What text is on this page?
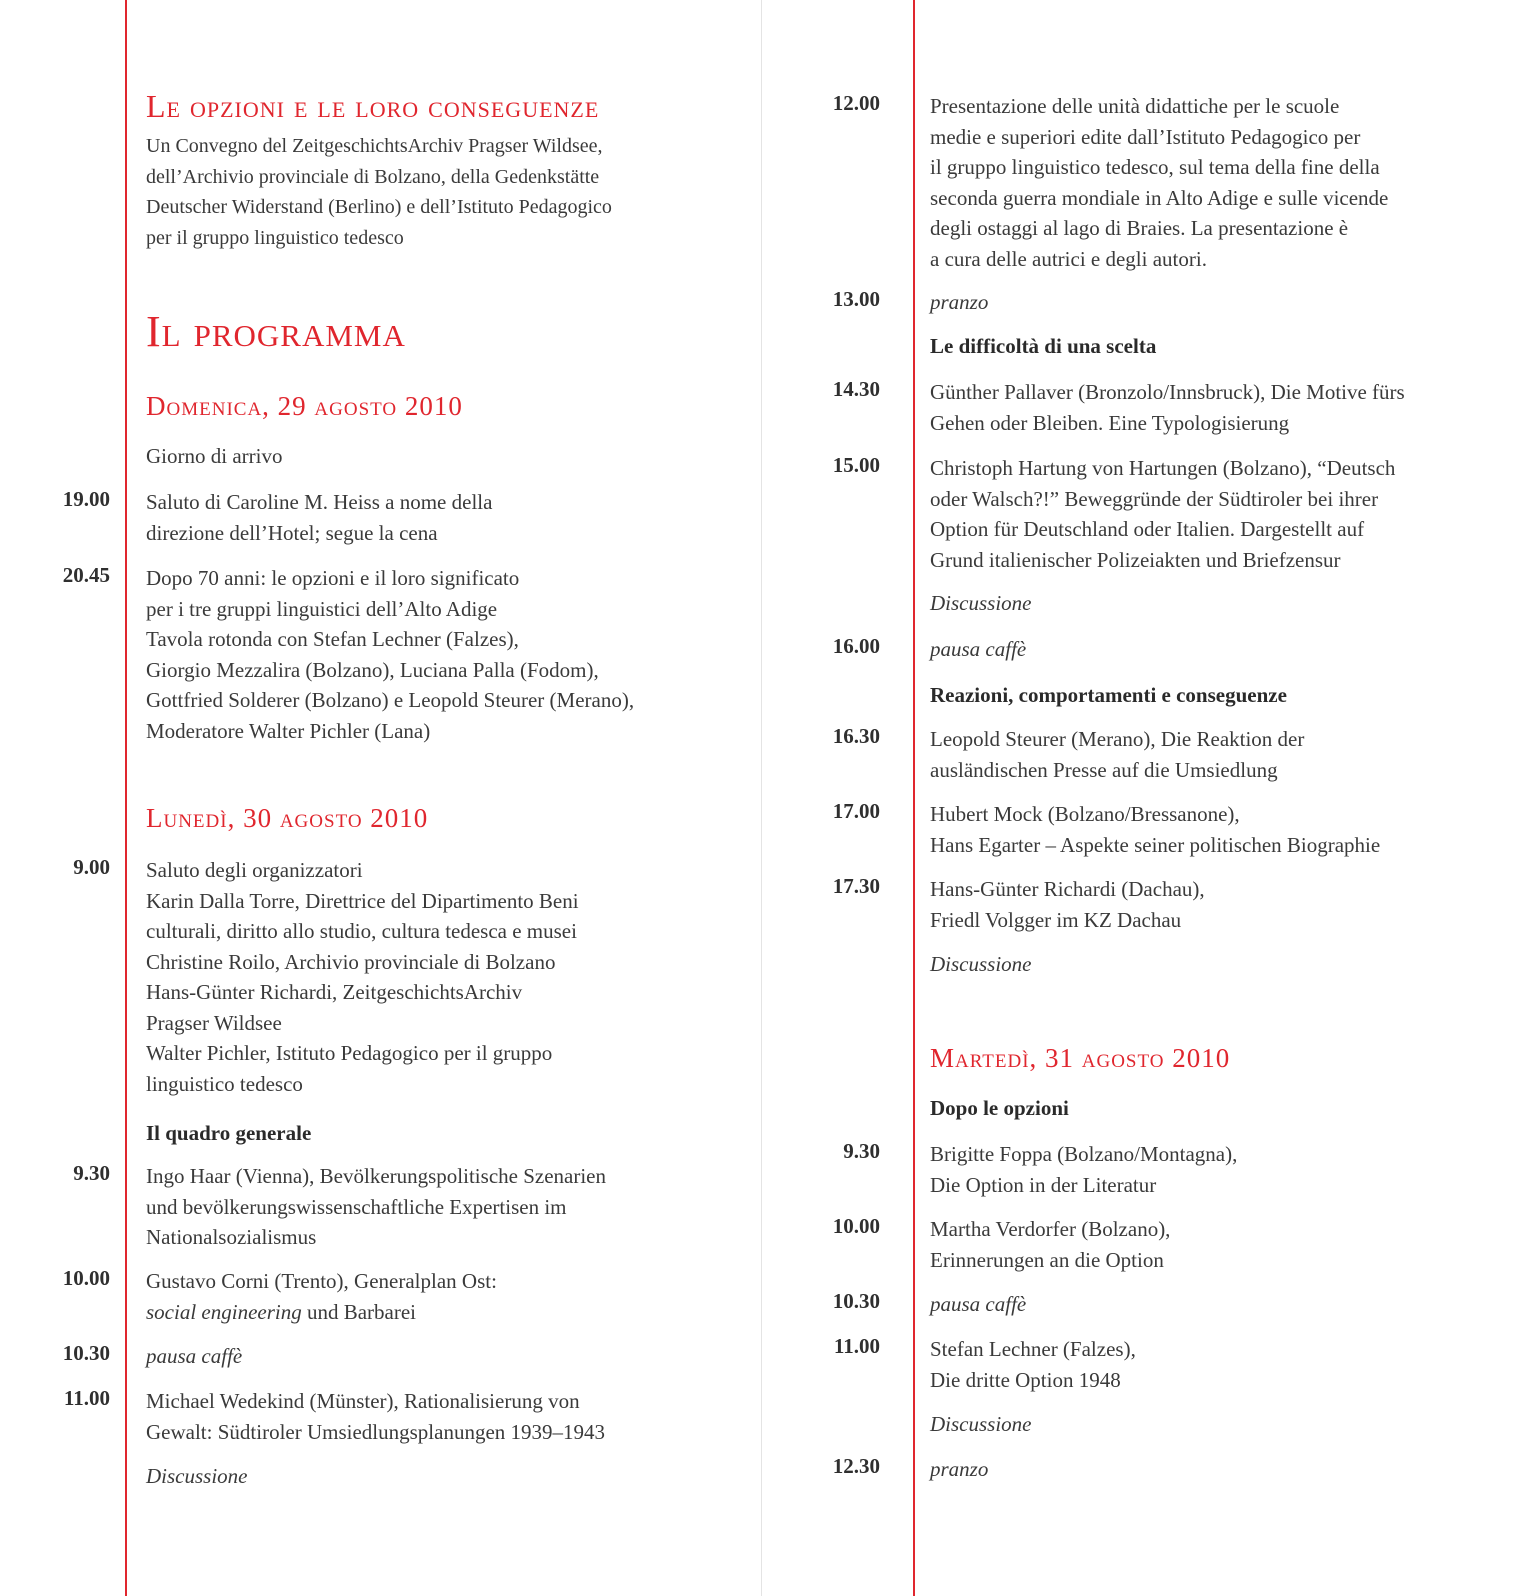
Le opzioni e le loro conseguenze
Un Convegno del ZeitgeschichtsArchiv Pragser Wildsee,
dell’Archivio provinciale di Bolzano, della Gedenkstätte
Deutscher Widerstand (Berlino) e dell’Istituto Pedagogico
per il gruppo linguistico tedesco
Il programma
Domenica, 29 agosto 2010
Giorno di arrivo
19.00 Saluto di Caroline M. Heiss a nome della
direzione dell’Hotel; segue la cena
20.45 Dopo 70 anni: le opzioni e il loro significato
per i tre gruppi linguistici dell’Alto Adige
Tavola rotonda con Stefan Lechner (Falzes),
Giorgio Mezzalira (Bolzano), Luciana Palla (Fodom),
Gottfried Solderer (Bolzano) e Leopold Steurer (Merano),
Moderatore Walter Pichler (Lana)
Lunedì, 30 agosto 2010
9.00 Saluto degli organizzatori
Karin Dalla Torre, Direttrice del Dipartimento Beni
culturali, diritto allo studio, cultura tedesca e musei
Christine Roilo, Archivio provinciale di Bolzano
Hans-Günter Richardi, ZeitgeschichtsArchiv
Pragser Wildsee
Walter Pichler, Istituto Pedagogico per il gruppo
linguistico tedesco
Il quadro generale
9.30 Ingo Haar (Vienna), Bevölkerungspolitische Szenarien
und bevölkerungswissenschaftliche Expertisen im
Nationalsozialismus
10.00 Gustavo Corni (Trento), Generalplan Ost:
social engineering und Barbarei
10.30 pausa caffè
11.00 Michael Wedekind (Münster), Rationalisierung von
Gewalt: Südtiroler Umsiedlungsplanungen 1939–1943
Discussione
12.00 Presentazione delle unità didattiche per le scuole
medie e superiori edite dall’Istituto Pedagogico per
il gruppo linguistico tedesco, sul tema della fine della
seconda guerra mondiale in Alto Adige e sulle vicende
degli ostaggi al lago di Braies. La presentazione è
a cura delle autrici e degli autori.
13.00 pranzo
Le difficoltà di una scelta
14.30 Günther Pallaver (Bronzolo/Innsbruck), Die Motive fürs
Gehen oder Bleiben. Eine Typologisierung
15.00 Christoph Hartung von Hartungen (Bolzano), “Deutsch
oder Walsch?!” Beweggründe der Südtiroler bei ihrer
Option für Deutschland oder Italien. Dargestellt auf
Grund italienischer Polizeiakten und Briefzensur
Discussione
16.00 pausa caffè
Reazioni, comportamenti e conseguenze
16.30 Leopold Steurer (Merano), Die Reaktion der
ausländischen Presse auf die Umsiedlung
17.00 Hubert Mock (Bolzano/Bressanone),
Hans Egarter – Aspekte seiner politischen Biographie
17.30 Hans-Günter Richardi (Dachau),
Friedl Volgger im KZ Dachau
Discussione
Martedì, 31 agosto 2010
Dopo le opzioni
9.30 Brigitte Foppa (Bolzano/Montagna),
Die Option in der Literatur
10.00 Martha Verdorfer (Bolzano),
Erinnerungen an die Option
10.30 pausa caffè
11.00 Stefan Lechner (Falzes),
Die dritte Option 1948
Discussione
12.30 pranzo
